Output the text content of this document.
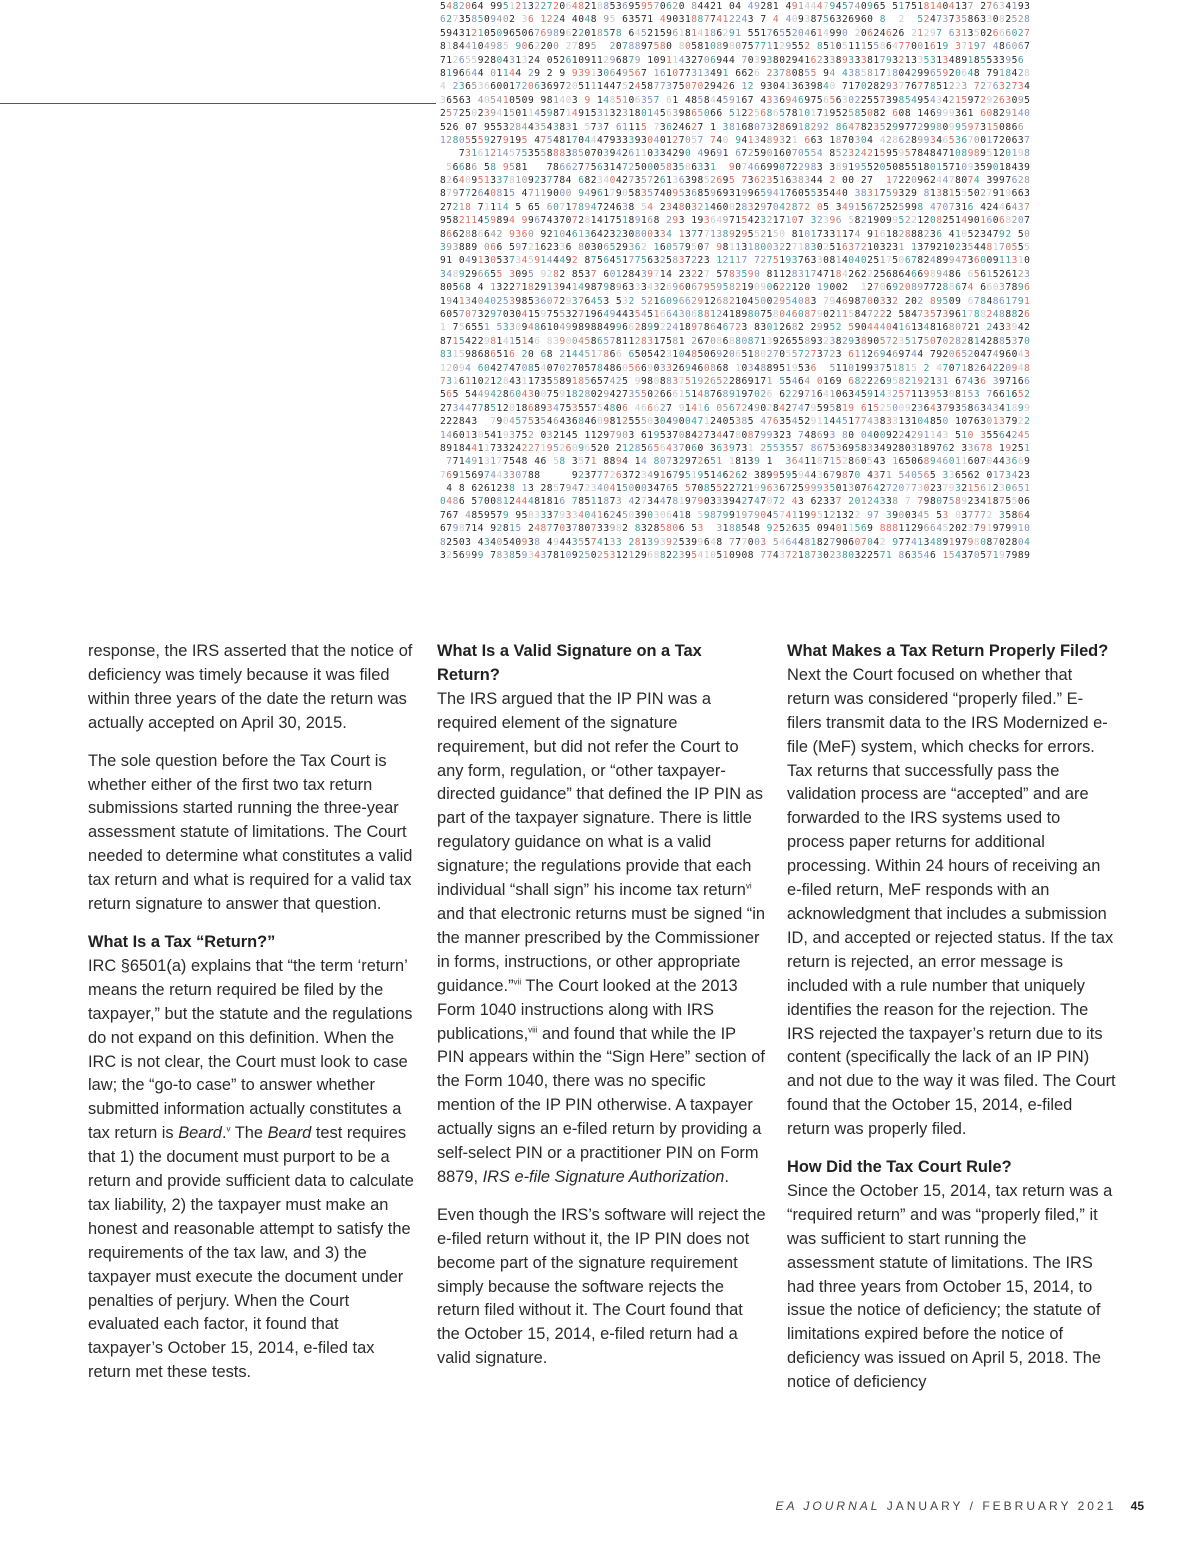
5482064 9951213227206482188536959570620 84421 04 49281 4914447945740965 5175181404137 27634193
627358509402 36 1224 4048 95 63571 490318877412243 7 4 40938756326960 8 2 524737358633082528
59431210509650676989622018578 645215961814186291 5517655204614990 20624626 21297 6313502666027
81844104985 9062200 27895 2078897580 805810898075771129552 851051115586477001619 37197 486067
7126559280431324 052610911296879 10911432706944 703938029416233893338179321335313489185533956
8196644 01144 29 2 9 939130649567 161077313491 6626 23780855 94 4385817180429965920648 7918428
4 236536600172063697205111447524587737507029426 12 930413639840 71702829377677851223 727632734
36563 405410509 981403 9 1485106357 61 48584459167 4336946975656302255739854954342159729263095
257250239415011459871491531323180145639865066 5122568657810171952585082 608 146999361 60829140
526 07 955328443543831 5737 61115 73624627 1 38168073286918292 864782352997729980995973150866
12805559279195 475481704447933393040127057 740 9413489321 663 1870304 428628993465367001720637
7316121457535588838507039426110334290 49691 67259016070554 85232421595957848471089895120198
56686 58 9581 786627756314725000583586331 907466990722983 38919552050855180157109359018439
826409513378109237784 6823404273572613639852695 7362351638344 2 00 27 172209624478074 3997628
879772640815 47119000 9496179058357409536859693199659417605535440 3831759329 81381555027919663
27218 71114 5 65 60717894724638 54 234803214600283297042872 05 34915672525998 4707316 42446437
958211459894 9967437072814175189168 293 193649715423217107 32396 58219099522120825149016068207
8662886642 9360 921046136423230800334 13777138929552150 81017331174 916182888236 4105234792 50
393889 066 5972162336 80306529362 160579507 981131800322718302516372103231 1379210235448170555
91 0491305373459144492 87564517756325837223 12117 72751937633081404025175067824899473600911310
3489296655 3095 9282 8537 60128439714 23227 5783590 8112831747184262225686466989486 6561526123
80568 4 132271829139414987989633343269606795958219090622120 19002 127069208977288674 66037896
194134040253985360729376453 532 5216096629126821045002954083 794698700332 202 89509 6784861791
605707329703041597553271964944354516643068812418980758046087902115847222 584735739617882488826
1 756551 5330948610499898849966289922418978646723 83012682 29952 590444041613481680721 2433942
8715422981415146 8390045865781128317581 267086880871392655893238293890572351750702828142885370
831598686516 20 68 2144517866 6505423104850692065180270557273723 611269469744 7920652047496043
12094 6042747085407027057848605669033269460868 1034889519536 51101993751815 2 470718264220948
731611021284311735589185657425 9980883751926522869171 55464 0169 6822269582192131 67436 397166
565 5449428604300759182802942735502666151487689197026 62297164106345914325711395308153 7661652
273447785120186893475355754806 466627 91416 0567249028427479595819 615250092364379358634341899
222843 790457535464368460981255503049004712405385 476354529114451774383313104850 107630137922
146013054193752 032145 11297903 619537084273447808799323 748693 80 04009224291143 510 35564245
891844117332422719526096520 21285656437060 3639731 2553557 86753695833492803189762 33678 19251
7714913177548 46 58 3571 8894 14 80732972651 18139 1 3641187152860543 1650689460116070443669
7691569744330788	9237772637234916795195146262 38995959443679870 4371 540565 336562 0173423
4 8 6261238 13 2857947234041500034765 5708552272199636725999350130764272077302379321561230651
0486 570081244481816 78511873 4273447819790333942747072 43 62337 20124338 7 798075892341875506
767 4859579 9583337933404162450390306418 59879919790457411995121322 97 3900345 53 037772 35864
6798714 92815 2487703780733982 83285806 53 3188548 9252635 094011569 888112966452023791979910
82503 4340540938 494435574133 281393925399648 777003 546448182790607042 9774134891979808702804
3256999 783859343781092502531212968822395410510908 774372187302380322571 863546 15437057197989

response, the IRS asserted that the notice of deficiency was timely because it was filed within three years of the date the return was actually accepted on April 30, 2015.

The sole question before the Tax Court is whether either of the first two tax return submissions started running the three-year assessment statute of limitations. The Court needed to determine what constitutes a valid tax return and what is required for a valid tax return signature to answer that question.

What Is a Tax “Return?”

IRC §6501(a) explains that “the term ‘return’ means the return required be filed by the taxpayer,” but the statute and the regulations do not expand on this definition. When the IRC is not clear, the Court must look to case law; the “go-to case” to answer whether submitted information actually constitutes a tax return is Beard.$^v$ The Beard test requires that 1) the document must purport to be a return and provide sufficient data to calculate tax liability, 2) the taxpayer must make an honest and reasonable attempt to satisfy the requirements of the tax law, and 3) the taxpayer must execute the document under penalties of perjury. When the Court evaluated each factor, it found that taxpayer’s October 15, 2014, e-filed tax return met these tests.

What Is a Valid Signature on a Tax Return?

The IRS argued that the IP PIN was a required element of the signature requirement, but did not refer the Court to any form, regulation, or “other taxpayer-directed guidance” that defined the IP PIN as part of the taxpayer signature. There is little regulatory guidance on what is a valid signature; the regulations provide that each individual “shall sign” his income tax return$^{vi}$ and that electronic returns must be signed “in the manner prescribed by the Commissioner in forms, instructions, or other appropriate guidance.”$^{vii}$ The Court looked at the 2013 Form 1040 instructions along with IRS publications,$^{viii}$ and found that while the IP PIN appears within the “Sign Here” section of the Form 1040, there was no specific mention of the IP PIN otherwise. A taxpayer actually signs an e-filed return by providing a self-select PIN or a practitioner PIN on Form 8879, IRS e-file Signature Authorization.

Even though the IRS’s software will reject the e-filed return without it, the IP PIN does not become part of the signature requirement simply because the software rejects the return filed without it. The Court found that the October 15, 2014, e-filed return had a valid signature.

What Makes a Tax Return Properly Filed?

Next the Court focused on whether that return was considered “properly filed.” E-filers transmit data to the IRS Modernized e-file (MeF) system, which checks for errors. Tax returns that successfully pass the validation process are “accepted” and are forwarded to the IRS systems used to process paper returns for additional processing. Within 24 hours of receiving an e-filed return, MeF responds with an acknowledgment that includes a submission ID, and accepted or rejected status. If the tax return is rejected, an error message is included with a rule number that uniquely identifies the reason for the rejection. The IRS rejected the taxpayer’s return due to its content (specifically the lack of an IP PIN) and not due to the way it was filed. The Court found that the October 15, 2014, e-filed return was properly filed.

How Did the Tax Court Rule?

Since the October 15, 2014, tax return was a “required return” and was “properly filed,” it was sufficient to start running the assessment statute of limitations. The IRS had three years from October 15, 2014, to issue the notice of deficiency; the statute of limitations expired before the notice of deficiency was issued on April 5, 2018. The notice of deficiency

EA JOURNAL JANUARY / FEBRUARY 2021 45
